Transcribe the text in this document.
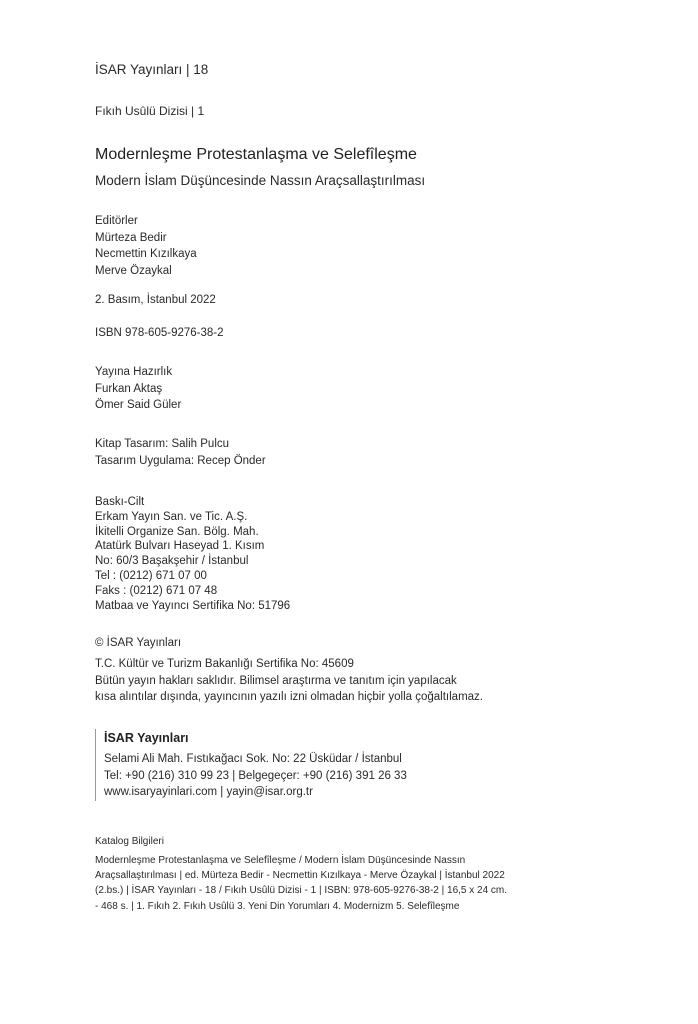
İSAR Yayınları | 18
Fıkıh Usûlü Dizisi | 1
Modernleşme Protestanlaşma ve Selefîleşme
Modern İslam Düşüncesinde Nassın Araçsallaştırılması
Editörler
Mürteza Bedir
Necmettin Kızılkaya
Merve Özaykal
2. Basım, İstanbul 2022
ISBN 978-605-9276-38-2
Yayına Hazırlık
Furkan Aktaş
Ömer Said Güler
Kitap Tasarım: Salih Pulcu
Tasarım Uygulama: Recep Önder
Baskı-Cilt
Erkam Yayın San. ve Tic. A.Ş.
İkitelli Organize San. Bölg. Mah.
Atatürk Bulvarı Haseyad 1. Kısım
No: 60/3 Başakşehir / İstanbul
Tel : (0212) 671 07 00
Faks : (0212) 671 07 48
Matbaa ve Yayıncı Sertifika No: 51796
© İSAR Yayınları
T.C. Kültür ve Turizm Bakanlığı Sertifika No: 45609
Bütün yayın hakları saklıdır. Bilimsel araştırma ve tanıtım için yapılacak
kısa alıntılar dışında, yayıncının yazılı izni olmadan hiçbir yolla çoğaltılamaz.
İSAR Yayınları
Selami Ali Mah. Fıstıkağacı Sok. No: 22 Üsküdar / İstanbul
Tel: +90 (216) 310 99 23 | Belgegeçer: +90 (216) 391 26 33
www.isaryayinlari.com | yayin@isar.org.tr
Katalog Bilgileri
Modernleşme Protestanlaşma ve Selefîleşme / Modern İslam Düşüncesinde Nassın
Araçsallaştırılması | ed. Mürteza Bedir - Necmettin Kızılkaya - Merve Özaykal | İstanbul 2022
(2.bs.) | İSAR Yayınları - 18 / Fıkıh Usûlü Dizisi - 1 | ISBN: 978-605-9276-38-2 | 16,5 x 24 cm.
- 468 s. | 1. Fıkıh 2. Fıkıh Usûlü 3. Yeni Din Yorumları 4. Modernizm 5. Selefîleşme
